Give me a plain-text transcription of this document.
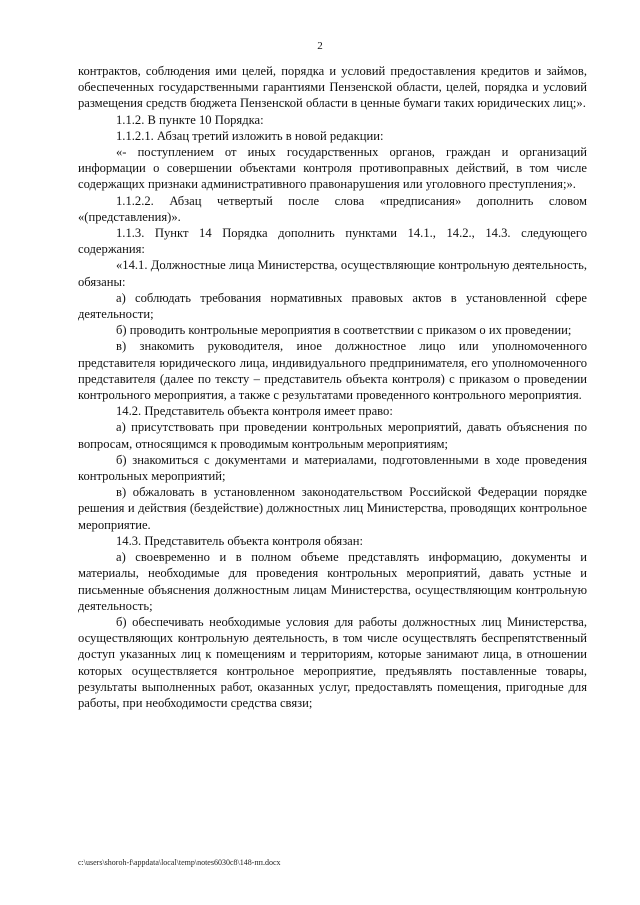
2

контрактов, соблюдения ими целей, порядка и условий предоставления кредитов и займов, обеспеченных государственными гарантиями Пензенской области, целей, порядка и условий размещения средств бюджета Пензенской области в ценные бумаги таких юридических лиц;».

1.1.2. В пункте 10 Порядка:

1.1.2.1. Абзац третий изложить в новой редакции:

«- поступлением от иных государственных органов, граждан и организаций информации о совершении объектами контроля противоправных действий, в том числе содержащих признаки административного правонарушения или уголовного преступления;».

1.1.2.2. Абзац четвертый после слова «предписания» дополнить словом «(представления)».

1.1.3. Пункт 14 Порядка дополнить пунктами 14.1., 14.2., 14.3. следующего содержания:

«14.1. Должностные лица Министерства, осуществляющие контрольную деятельность, обязаны:

а) соблюдать требования нормативных правовых актов в установленной сфере деятельности;

б) проводить контрольные мероприятия в соответствии с приказом о их проведении;

в) знакомить руководителя, иное должностное лицо или уполномоченного представителя юридического лица, индивидуального предпринимателя, его уполномоченного представителя (далее по тексту – представитель объекта контроля) с приказом о проведении контрольного мероприятия, а также с результатами проведенного контрольного мероприятия.

14.2. Представитель объекта контроля имеет право:

а) присутствовать при проведении контрольных мероприятий, давать объяснения по вопросам, относящимся к проводимым контрольным мероприятиям;

б) знакомиться с документами и материалами, подготовленными в ходе проведения контрольных мероприятий;

в) обжаловать в установленном законодательством Российской Федерации порядке решения и действия (бездействие) должностных лиц Министерства, проводящих контрольное мероприятие.

14.3. Представитель объекта контроля обязан:

а) своевременно и в полном объеме представлять информацию, документы и материалы, необходимые для проведения контрольных мероприятий, давать устные и письменные объяснения должностным лицам Министерства, осуществляющим контрольную деятельность;

б) обеспечивать необходимые условия для работы должностных лиц Министерства, осуществляющих контрольную деятельность, в том числе осуществлять беспрепятственный доступ указанных лиц к помещениям и территориям, которые занимают лица, в отношении которых осуществляется контрольное мероприятие, предъявлять поставленные товары, результаты выполненных работ, оказанных услуг, предоставлять помещения, пригодные для работы, при необходимости средства связи;

c:\users\shoroh-f\appdata\local\temp\notes6030c8\148-пп.docx
